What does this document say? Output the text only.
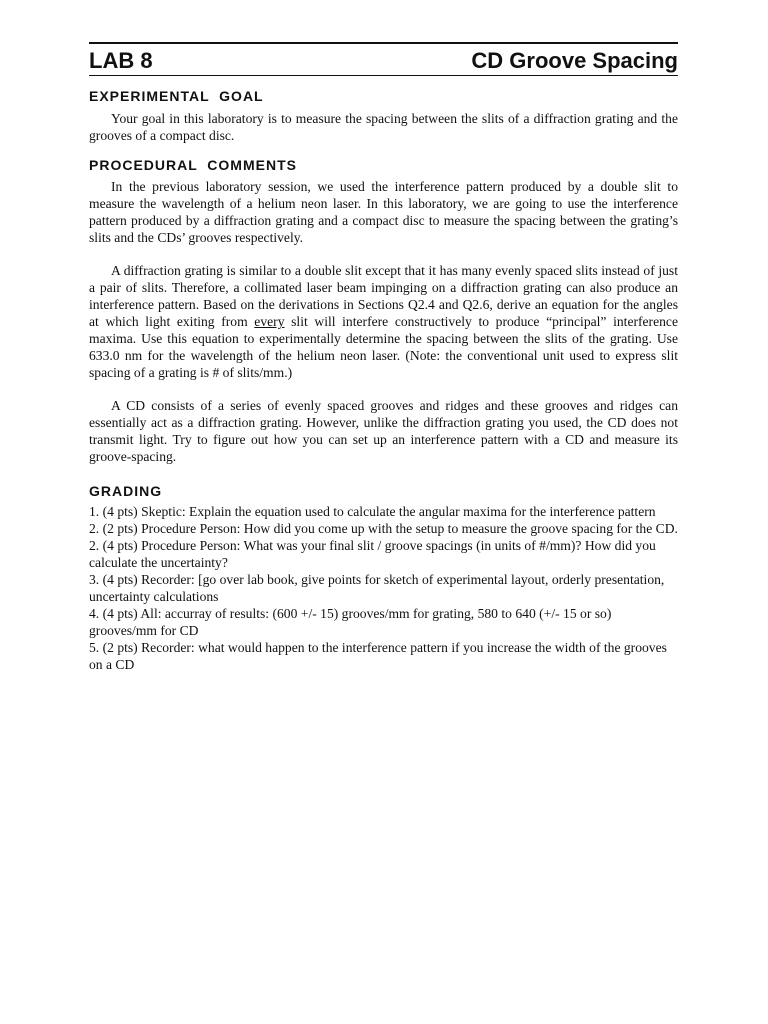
LAB 8	CD Groove Spacing
EXPERIMENTAL  GOAL

Your goal in this laboratory is to measure the spacing between the slits of a diffraction grating and the grooves of a compact disc.

PROCEDURAL  COMMENTS

In the previous laboratory session, we used the interference pattern produced by a double slit to measure the wavelength of a helium neon laser. In this laboratory, we are going to use the interference pattern produced by a diffraction grating and a compact disc to measure the spacing between the grating’s slits and the CDs’ grooves respectively.

A diffraction grating is similar to a double slit except that it has many evenly spaced slits instead of just a pair of slits. Therefore, a collimated laser beam impinging on a diffraction grating can also produce an interference pattern. Based on the derivations in Sections Q2.4 and Q2.6, derive an equation for the angles at which light exiting from every slit will interfere constructively to produce “principal” interference maxima. Use this equation to experimentally determine the spacing between the slits of the grating. Use 633.0 nm for the wavelength of the helium neon laser. (Note: the conventional unit used to express slit spacing of a grating is # of slits/mm.)

A CD consists of a series of evenly spaced grooves and ridges and these grooves and ridges can essentially act as a diffraction grating. However, unlike the diffraction grating you used, the CD does not transmit light. Try to figure out how you can set up an interference pattern with a CD and measure its groove-spacing.

GRADING
1. (4 pts) Skeptic: Explain the equation used to calculate the angular maxima for the interference pattern
2. (2 pts) Procedure Person: How did you come up with the setup to measure the groove spacing for the CD.
2. (4 pts) Procedure Person: What was your final slit / groove spacings (in units of #/mm)? How did you calculate the uncertainty?
3. (4 pts) Recorder: [go over lab book, give points for sketch of experimental layout, orderly presentation, uncertainty calculations
4. (4 pts) All: accurray of results: (600 +/- 15) grooves/mm for grating, 580 to 640 (+/- 15 or so) grooves/mm for CD
5. (2 pts) Recorder: what would happen to the interference pattern if you increase the width of the grooves on a CD
